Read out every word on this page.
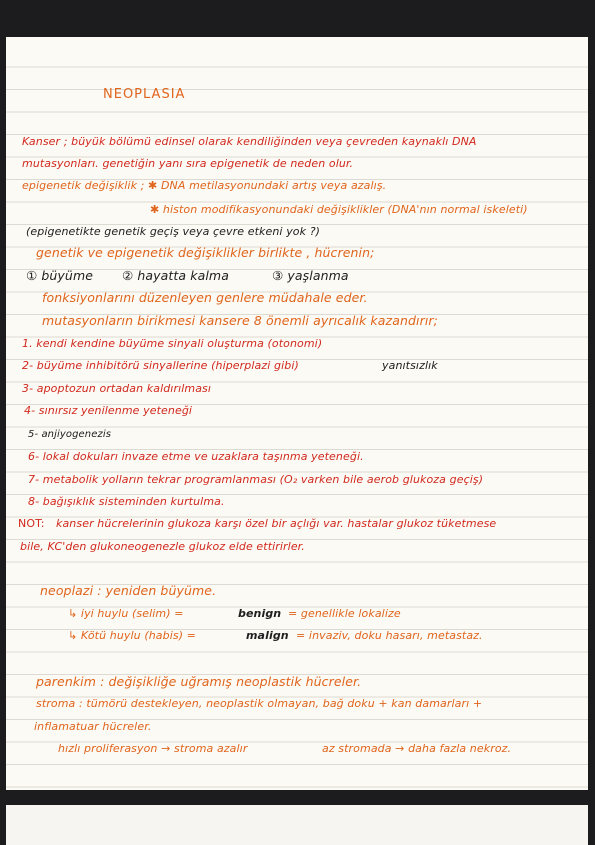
NEOPLASIA
Kanser ; büyük bölümü edinsel olarak kendiliğinden veya çevreden kaynaklı DNA
mutasyonları. genetiğin yanı sıra epigenetik de neden olur.
epigenetik değişiklik ; ✱ DNA metilasyonundaki artış veya azalış.
✱ histon modifikasyonundaki değişiklikler (DNA'nın normal iskeleti)
(epigenetikte genetik geçiş veya çevre etkeni yok ?)
genetik ve epigenetik değişiklikler birlikte , hücrenin;
① büyüme ② hayatta kalma	③ yaşlanma
fonksiyonlarını düzenleyen genlere müdahale eder.
mutasyonların birikmesi kansere 8 önemli ayrıcalık kazandırır;
1. kendi kendine büyüme sinyali oluşturma (otonomi)
2- büyüme inhibitörü sinyallerine (hiperplazi gibi)	yanıtsızlık
3- apoptozun ortadan kaldırılması
4- sınırsız yenilenme yeteneği
5- anjiyogenezis
6- lokal dokuları invaze etme ve uzaklara taşınma yeteneği.
7- metabolik yolların tekrar programlanması (O₂ varken bile aerob glukoza geçiş)
8- bağışıklık sisteminden kurtulma.
NOT: kanser hücrelerinin glukoza karşı özel bir açlığı var. hastalar glukoz tüketmese
bile, KC'den glukoneogenezle glukoz elde ettirirler.
neoplazi : yeniden büyüme.
↳ iyi huylu (selim) =	benign = genellikle lokalize
↳ Kötü huylu (habis) =	malign = invaziv, doku hasarı, metastaz.
parenkim : değişikliğe uğramış neoplastik hücreler.
stroma : tümörü destekleyen, neoplastik olmayan, bağ doku + kan damarları +
inflamatuar hücreler.
hızlı proliferasyon → stroma azalır	az stromada → daha fazla nekroz.
